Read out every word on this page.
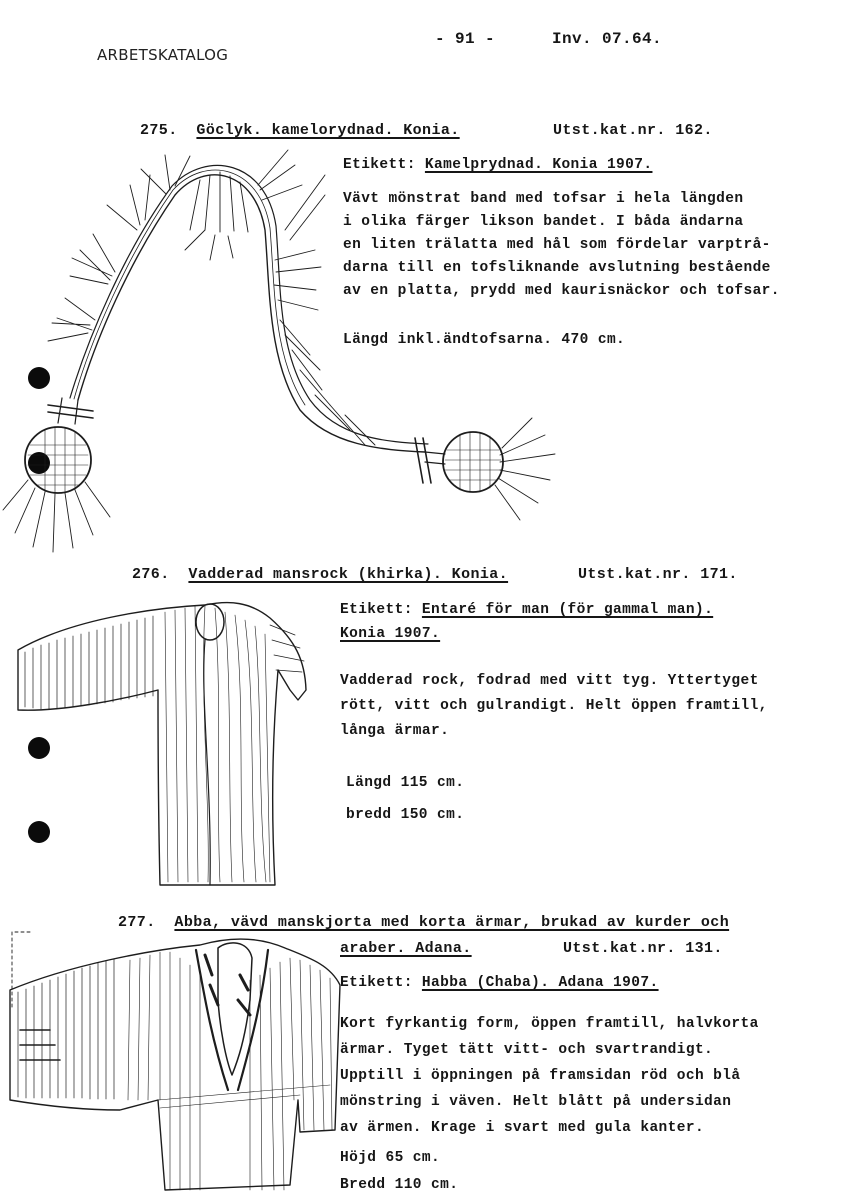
ARBETSKATALOG
- 91 -	Inv. 07.64.
275. Göclyk. kamelorydnad. Konia.	Utst.kat.nr. 162.
Etikett: Kamelprydnad. Konia 1907.
Vävt mönstrat band med tofsar i hela längden
i olika färger likson bandet. I båda ändarna
en liten trälatta med hål som fördelar varptrå-
darna till en tofsliknande avslutning bestående
av en platta, prydd med kaurisnäckor och tofsar.
Längd inkl.ändtofsarna. 470 cm.
276. Vadderad mansrock (khirka). Konia.	Utst.kat.nr. 171.
Etikett: Entaré för man (för gammal man).
Konia 1907.
Vadderad rock, fodrad med vitt tyg. Yttertyget
rött, vitt och gulrandigt. Helt öppen framtill,
långa ärmar.
Längd 115 cm.
bredd 150 cm.
277. Abba, vävd manskjorta med korta ärmar, brukad av kurder och
araber. Adana.	Utst.kat.nr. 131.
Etikett: Habba (Chaba). Adana 1907.
Kort fyrkantig form, öppen framtill, halvkorta
ärmar. Tyget tätt vitt- och svartrandigt.
Upptill i öppningen på framsidan röd och blå
mönstring i väven. Helt blått på undersidan
av ärmen. Krage i svart med gula kanter.
Höjd 65 cm.
Bredd 110 cm.
